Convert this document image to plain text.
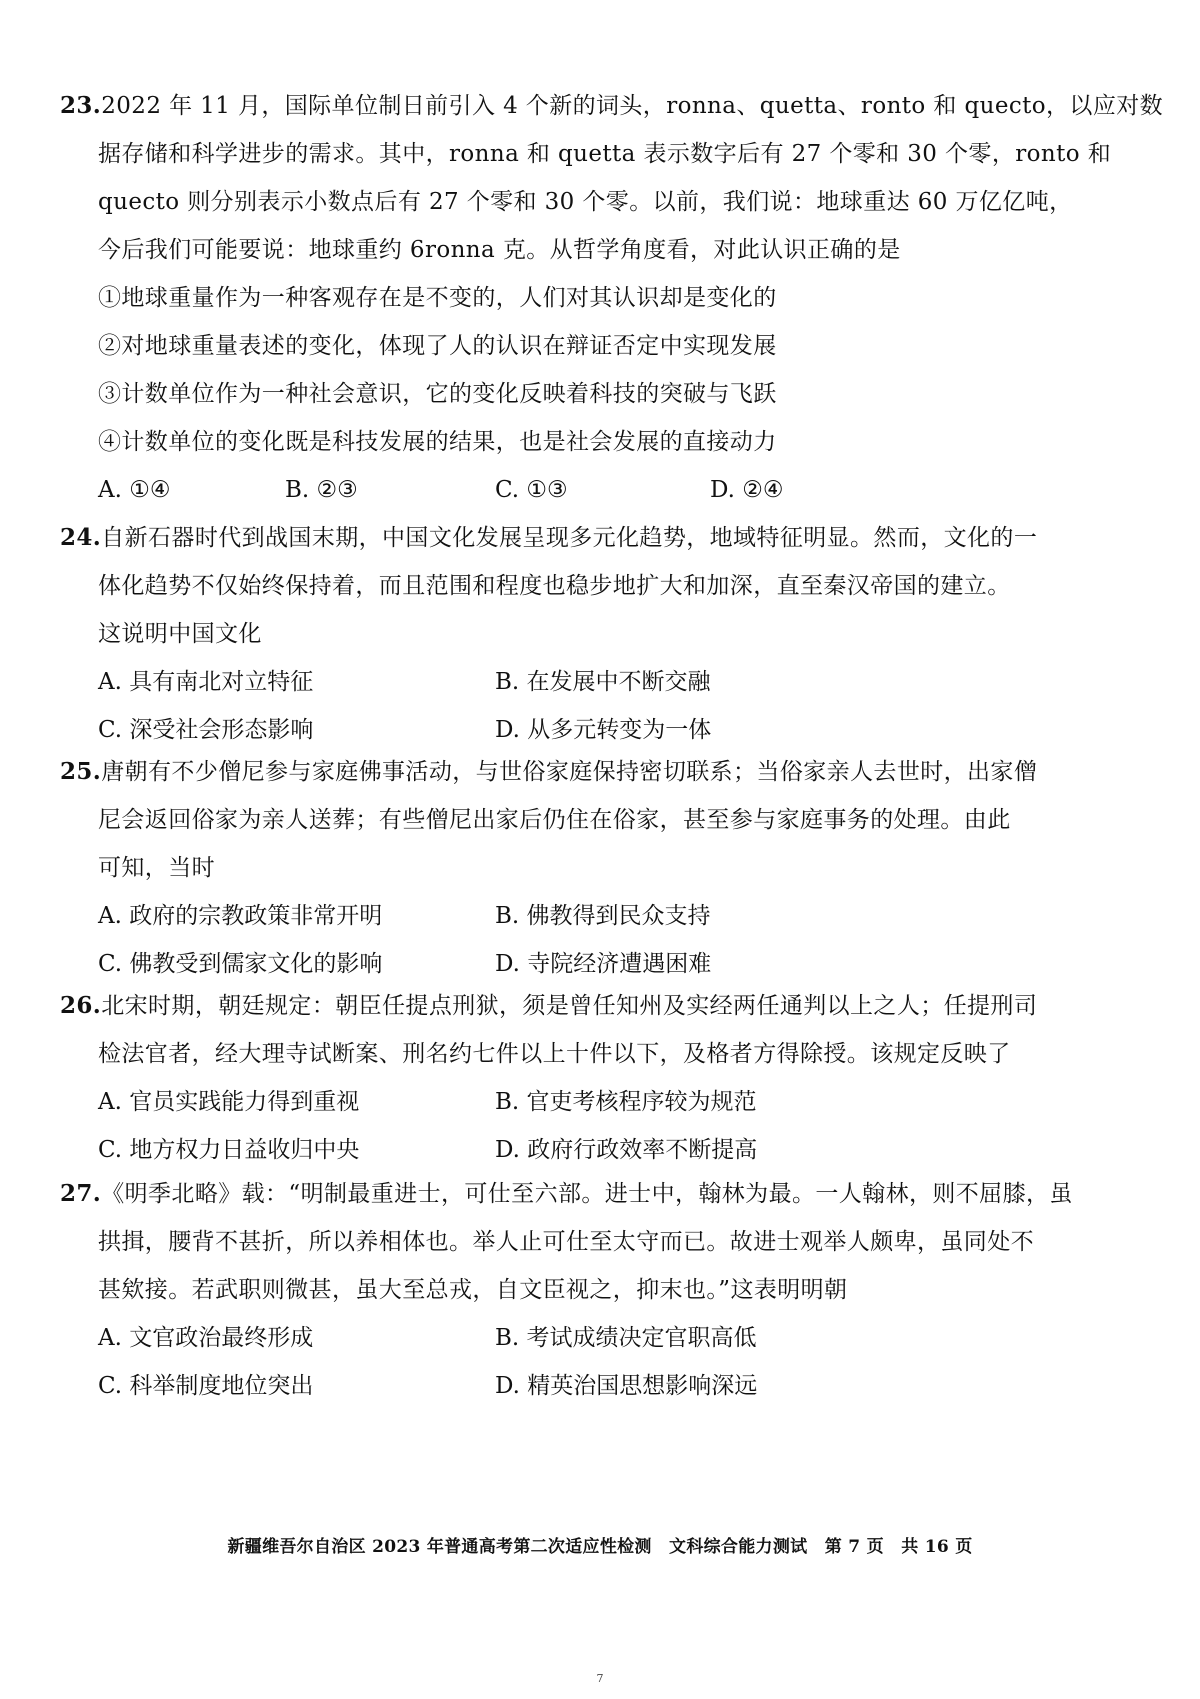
23.2022 年 11 月，国际单位制日前引入 4 个新的词头，ronna、quetta、ronto 和 quecto，以应对数
据存储和科学进步的需求。其中，ronna 和 quetta 表示数字后有 27 个零和 30 个零，ronto 和
quecto 则分别表示小数点后有 27 个零和 30 个零。以前，我们说：地球重达 60 万亿亿吨，
今后我们可能要说：地球重约 6ronna 克。从哲学角度看，对此认识正确的是
①地球重量作为一种客观存在是不变的，人们对其认识却是变化的
②对地球重量表述的变化，体现了人的认识在辩证否定中实现发展
③计数单位作为一种社会意识，它的变化反映着科技的突破与飞跃
④计数单位的变化既是科技发展的结果，也是社会发展的直接动力
A. ①④	B. ②③	C. ①③	D. ②④
24.自新石器时代到战国末期，中国文化发展呈现多元化趋势，地域特征明显。然而，文化的一
体化趋势不仅始终保持着，而且范围和程度也稳步地扩大和加深，直至秦汉帝国的建立。
这说明中国文化
A. 具有南北对立特征	B. 在发展中不断交融
C. 深受社会形态影响	D. 从多元转变为一体
25.唐朝有不少僧尼参与家庭佛事活动，与世俗家庭保持密切联系；当俗家亲人去世时，出家僧
尼会返回俗家为亲人送葬；有些僧尼出家后仍住在俗家，甚至参与家庭事务的处理。由此
可知，当时
A. 政府的宗教政策非常开明	B. 佛教得到民众支持
C. 佛教受到儒家文化的影响	D. 寺院经济遭遇困难
26.北宋时期，朝廷规定：朝臣任提点刑狱，须是曾任知州及实经两任通判以上之人；任提刑司
检法官者，经大理寺试断案、刑名约七件以上十件以下，及格者方得除授。该规定反映了
A. 官员实践能力得到重视	B. 官吏考核程序较为规范
C. 地方权力日益收归中央	D. 政府行政效率不断提高
27.《明季北略》载：“明制最重进士，可仕至六部。进士中，翰林为最。一人翰林，则不屈膝，虽
拱揖，腰背不甚折，所以养相体也。举人止可仕至太守而已。故进士观举人颇卑，虽同处不
甚欸接。若武职则微甚，虽大至总戎，自文臣视之，抑末也。”这表明明朝
A. 文官政治最终形成	B. 考试成绩决定官职高低
C. 科举制度地位突出	D. 精英治国思想影响深远
新疆维吾尔自治区 2023 年普通高考第二次适应性检测　文科综合能力测试　第 7 页　共 16 页
7
